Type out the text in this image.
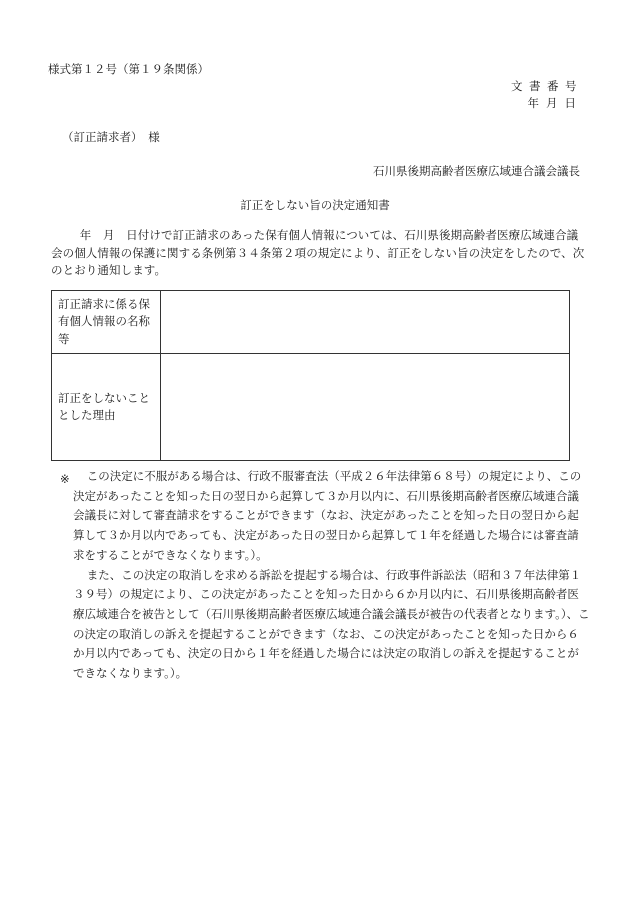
様式第１２号（第１９条関係）
文書番号
年月日
（訂正請求者）　様
石川県後期高齢者医療広域連合議会議長
訂正をしない旨の決定通知書
年　月　日付けで訂正請求のあった保有個人情報については、石川県後期高齢者医療広域連合議会の個人情報の保護に関する条例第３４条第２項の規定により、訂正をしない旨の決定をしたので、次のとおり通知します。
訂正請求に係る保有個人情報の名称等	
訂正をしないこととした理由	
※	この決定に不服がある場合は、行政不服審査法（平成２６年法律第６８号）の規定により、この決定があったことを知った日の翌日から起算して３か月以内に、石川県後期高齢者医療広域連合議会議長に対して審査請求をすることができます（なお、決定があったことを知った日の翌日から起算して３か月以内であっても、決定があった日の翌日から起算して１年を経過した場合には審査請求をすることができなくなります。）。

また、この決定の取消しを求める訴訟を提起する場合は、行政事件訴訟法（昭和３７年法律第１３９号）の規定により、この決定があったことを知った日から６か月以内に、石川県後期高齢者医療広域連合を被告として（石川県後期高齢者医療広域連合議会議長が被告の代表者となります。）、この決定の取消しの訴えを提起することができます（なお、この決定があったことを知った日から６か月以内であっても、決定の日から１年を経過した場合には決定の取消しの訴えを提起することができなくなります。）。
